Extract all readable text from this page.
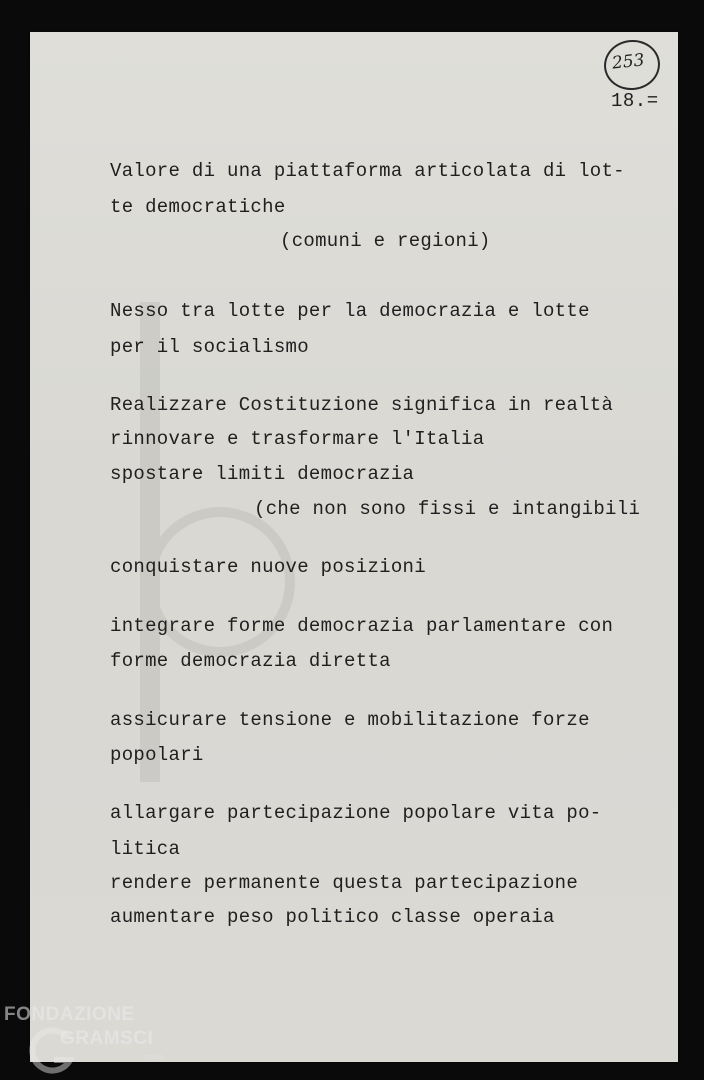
253
18.=
Valore di una piattaforma articolata di lot-
te democratiche
(comuni e regioni)
Nesso tra lotte per la democrazia e lotte
per il socialismo
Realizzare Costituzione significa in realtà
rinnovare e trasformare l'Italia
spostare limiti democrazia
(che non sono fissi e intangibili
conquistare nuove posizioni
integrare forme democrazia parlamentare con
forme democrazia diretta
assicurare tensione e mobilitazione forze
popolari
allargare partecipazione popolare vita po-
litica
rendere permanente questa partecipazione
aumentare peso politico classe operaia
FONDAZIONE
GRAMSCI
onlus
